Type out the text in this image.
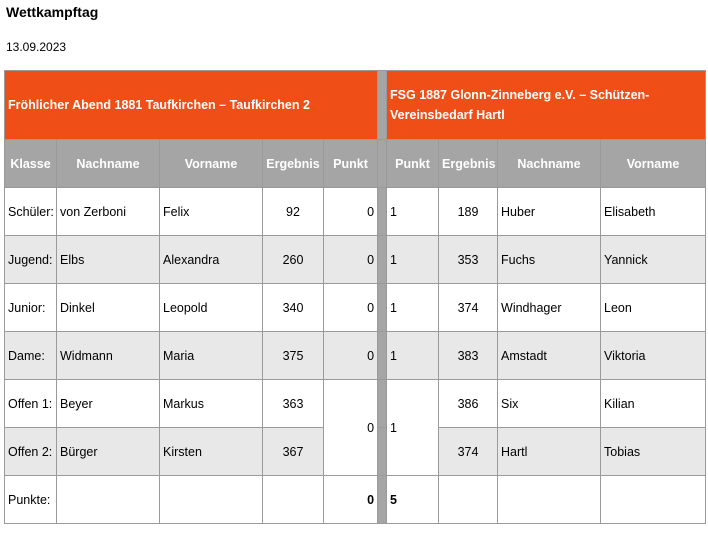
Wettkampftag
13.09.2023
Fröhlicher Abend 1881 Taufkirchen – Taufkirchen 2						FSG 1887 Glonn-Zinneberg e.V. – Schützen-Vereinsbedarf Hartl			
Klasse	Nachname	Vorname	Ergebnis	Punkt		Punkt	Ergebnis	Nachname	Vorname
Schüler:	von Zerboni	Felix	92	0		1	189	Huber	Elisabeth
Jugend:	Elbs	Alexandra	260	0		1	353	Fuchs	Yannick
Junior:	Dinkel	Leopold	340	0		1	374	Windhager	Leon
Dame:	Widmann	Maria	375	0		1	383	Amstadt	Viktoria
Offen 1:	Beyer	Markus	363	0		1	386	Six	Kilian
Offen 2:	Bürger	Kirsten	367				374	Hartl	Tobias
Punkte:				0		5			
